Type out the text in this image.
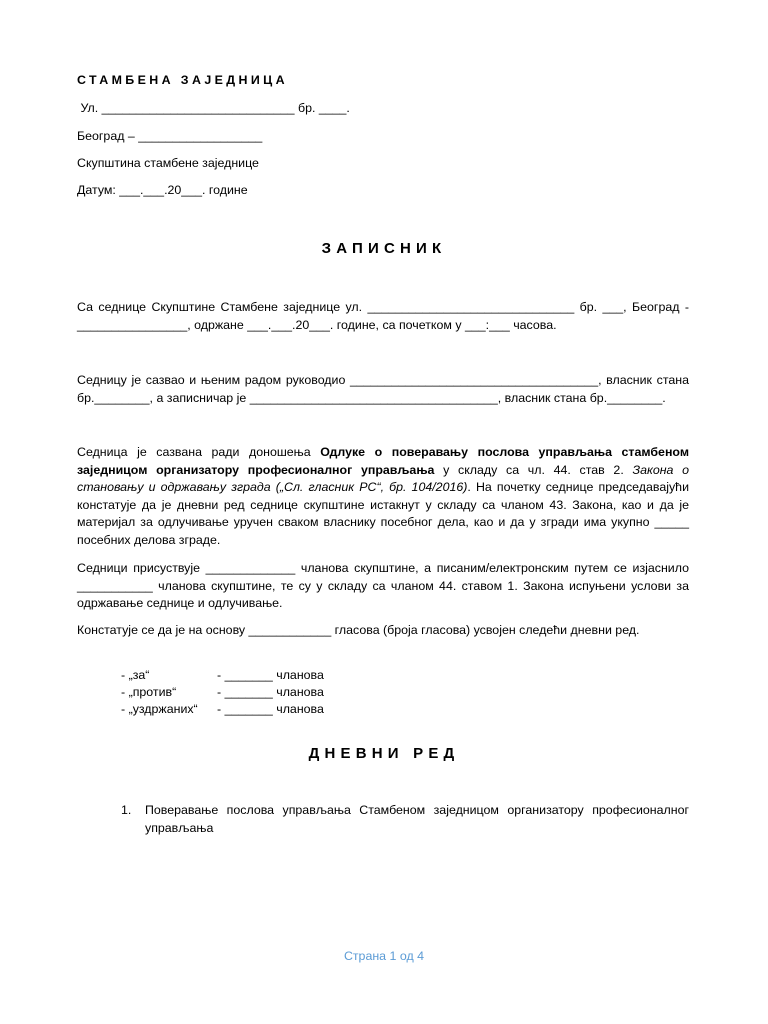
СТАМБЕНА ЗАЈЕДНИЦА
Ул. ____________________________ бр. ____.
Београд – __________________
Скупштина стамбене заједнице
Датум: ___.___.20___. године
ЗАПИСНИК
Са седнице Скупштине Стамбене заједнице ул. ______________________________ бр. ___, Београд - ________________, одржане ___.___.20___. године, са почетком у ___:___ часова.
Седницу је сазвао и њеним радом руководио ____________________________________, власник стана бр.________, а записничар је ____________________________________, власник стана бр.________.
Седница је сазвана ради доношења Одлуке о поверавању послова управљања стамбеном заједницом организатору професионалног управљања у складу са чл. 44. став 2. Закона о становању и одржавању зграда („Сл. гласник РС“, бр. 104/2016). На почетку седнице председавајући констатује да је дневни ред седнице скупштине истакнут у складу са чланом 43. Закона, као и да је материјал за одлучивање уручен сваком власнику посебног дела, као и да у згради има укупно _____ посебних делова зграде.
Седници присуствује _____________ чланова скупштине, а писаним/електронским путем се изјаснило ___________ чланова скупштине, те су у складу са чланом 44. ставом 1. Закона испуњени услови за одржавање седнице и одлучивање.
Констатује се да је на основу ____________ гласова (броја гласова) усвојен следећи дневни ред.
- „за“	- _______ чланова
- „против“	- _______ чланова
- „уздржаних“ - _______ чланова
ДНЕВНИ РЕД
1. Поверавање послова управљања Стамбеном заједницом организатору професионалног управљања
Страна 1 од 4
